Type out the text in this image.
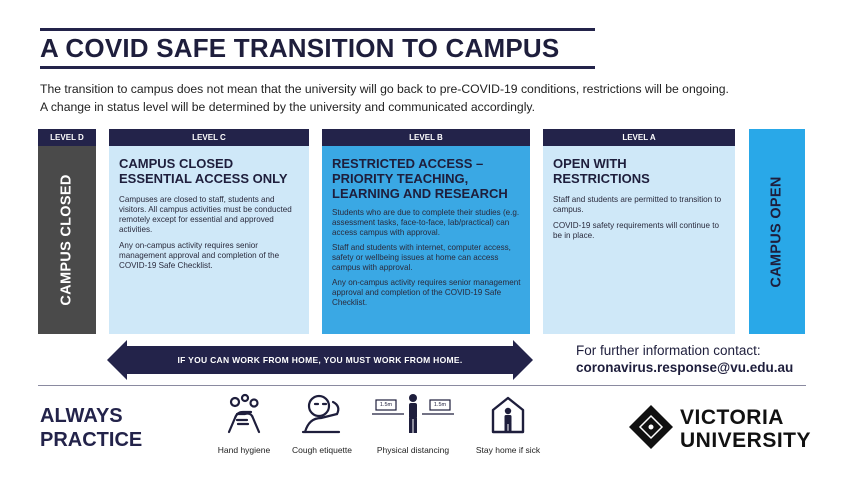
A COVID SAFE TRANSITION TO CAMPUS
The transition to campus does not mean that the university will go back to pre-COVID-19 conditions, restrictions will be ongoing.
A change in status level will be determined by the university and communicated accordingly.
LEVEL D
CAMPUS CLOSED
LEVEL C
CAMPUS CLOSED
ESSENTIAL ACCESS ONLY

Campuses are closed to staff, students and visitors. All campus activities must be conducted remotely except for essential and approved activities.

Any on-campus activity requires senior management approval and completion of the COVID-19 Safe Checklist.

LEVEL B
RESTRICTED ACCESS –
PRIORITY TEACHING,
LEARNING AND RESEARCH

Students who are due to complete their studies (e.g. assessment tasks, face-to-face, lab/practical) can access campus with approval.

Staff and students with internet, computer access, safety or wellbeing issues at home can access campus with approval.

Any on-campus activity requires senior management approval and completion of the COVID-19 Safe Checklist.

LEVEL A
OPEN WITH
RESTRICTIONS

Staff and students are permitted to transition to campus.

COVID-19 safety requirements will continue to be in place.	CAMPUS OPEN
IF YOU CAN WORK FROM HOME, YOU MUST WORK FROM HOME.
For further information contact:
coronavirus.response@vu.edu.au
ALWAYS
PRACTICE	Hand hygiene	Cough etiquette
1.5m	1.5m
Physical distancing	Stay home if sick
VICTORIA
UNIVERSITY
